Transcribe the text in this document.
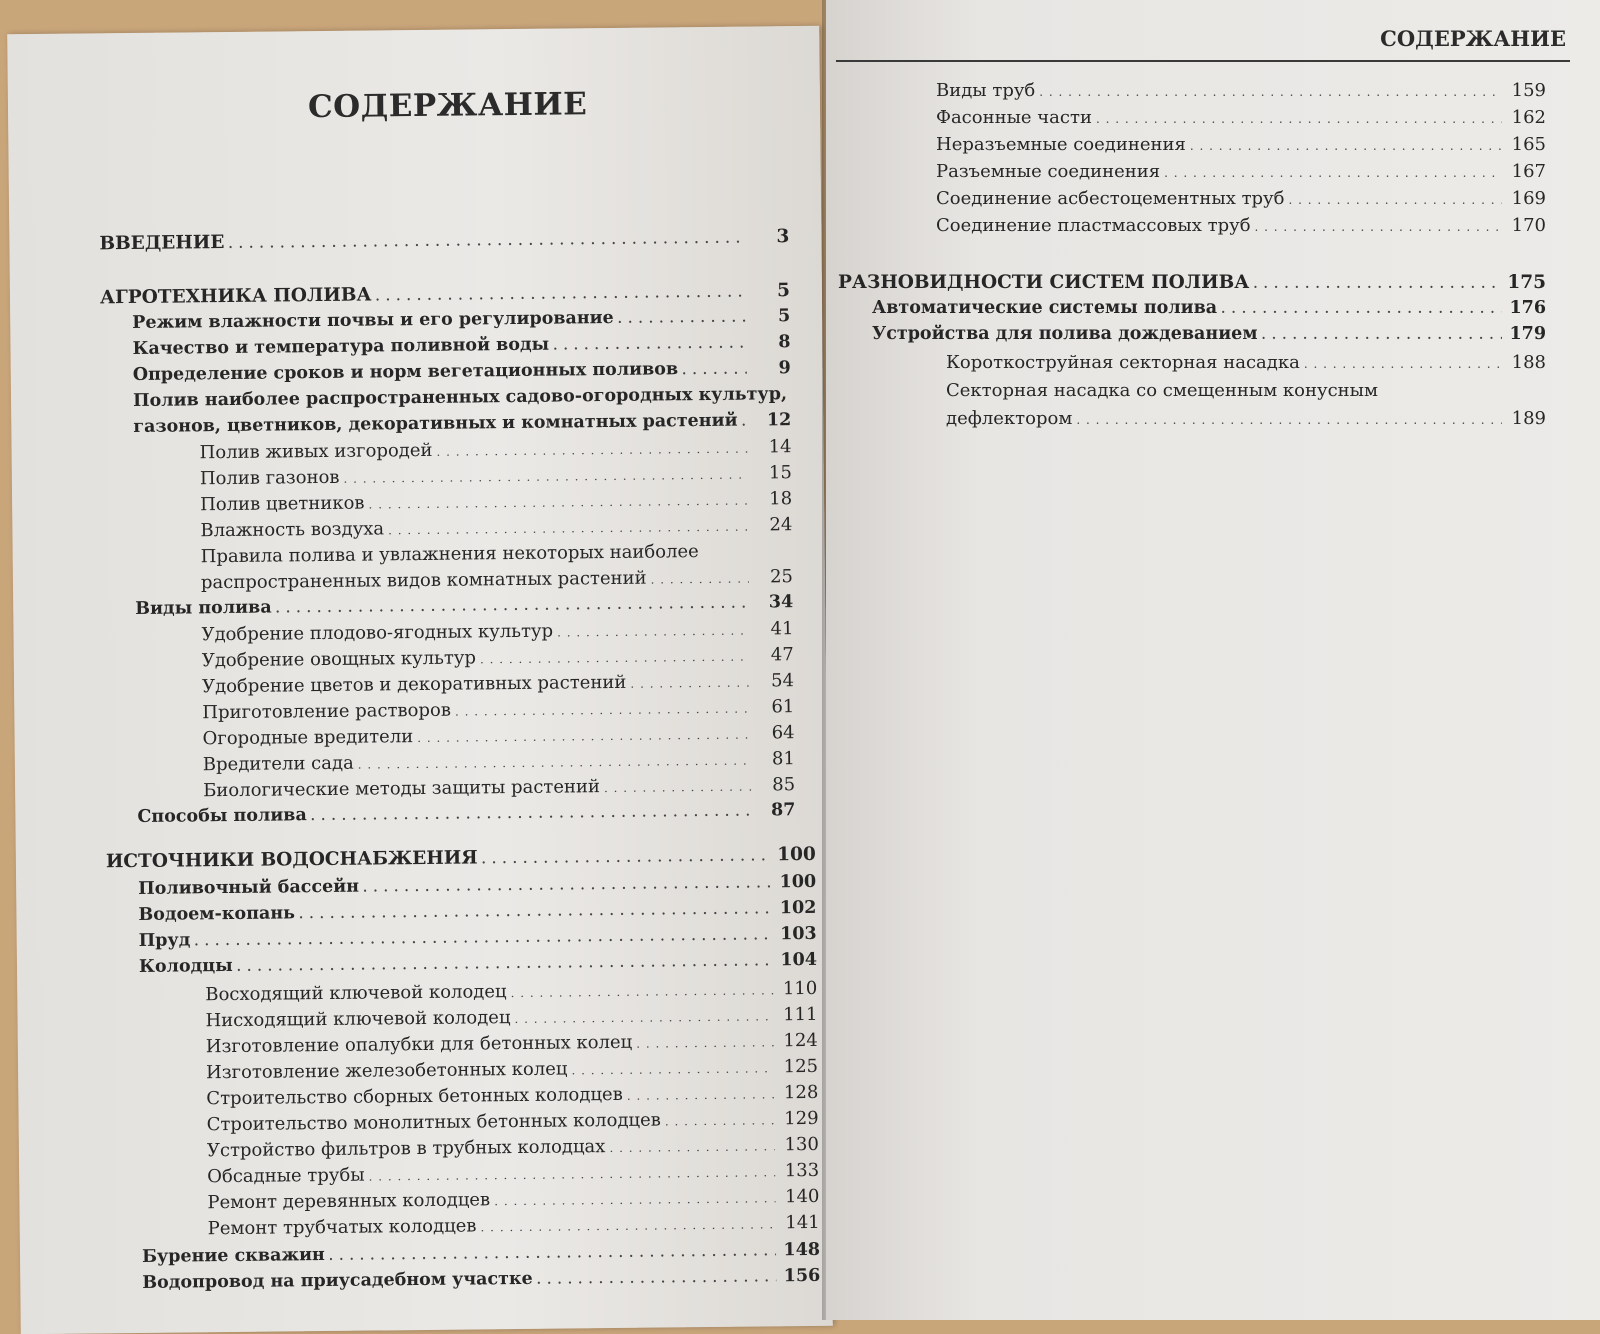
СОДЕРЖАНИЕ
ВВЕДЕНИЕ . . .	3
АГРОТЕХНИКА ПОЛИВА . . .	5
Режим влажности почвы и его регулирование . . .	5
Качество и температура поливной воды . . .	8
Определение сроков и норм вегетационных поливов . . .	9
Полив наиболее распространенных садово-огородных культур,
газонов, цветников, декоративных и комнатных растений . . .	12
Полив живых изгородей . . .	14
Полив газонов . . .	15
Полив цветников . . .	18
Влажность воздуха . . .	24
Правила полива и увлажнения некоторых наиболее
распространенных видов комнатных растений . . .	25
Виды полива . . .	34
Удобрение плодово-ягодных культур . . .	41
Удобрение овощных культур . . .	47
Удобрение цветов и декоративных растений . . .	54
Приготовление растворов . . .	61
Огородные вредители . . .	64
Вредители сада . . .	81
Биологические методы защиты растений . . .	85
Способы полива . . .	87
ИСТОЧНИКИ ВОДОСНАБЖЕНИЯ . . .	100
Поливочный бассейн . . .	100
Водоем-копань . . .	102
Пруд . . .	103
Колодцы . . .	104
Восходящий ключевой колодец . . .	110
Нисходящий ключевой колодец . . .	111
Изготовление опалубки для бетонных колец . . .	124
Изготовление железобетонных колец . . .	125
Строительство сборных бетонных колодцев . . .	128
Строительство монолитных бетонных колодцев . . .	129
Устройство фильтров в трубных колодцах . . .	130
Обсадные трубы . . .	133
Ремонт деревянных колодцев . . .	140
Ремонт трубчатых колодцев . . .	141
Бурение скважин . . .	148
Водопровод на приусадебном участке . . .	156
СОДЕРЖАНИЕ
Виды труб . . .	159
Фасонные части . . .	162
Неразъемные соединения . . .	165
Разъемные соединения . . .	167
Соединение асбестоцементных труб . . .	169
Соединение пластмассовых труб . . .	170
РАЗНОВИДНОСТИ СИСТЕМ ПОЛИВА . . .	175
Автоматические системы полива . . .	176
Устройства для полива дождеванием . . .	179
Короткоструйная секторная насадка . . .	188
Секторная насадка со смещенным конусным
дефлектором . . .	189
